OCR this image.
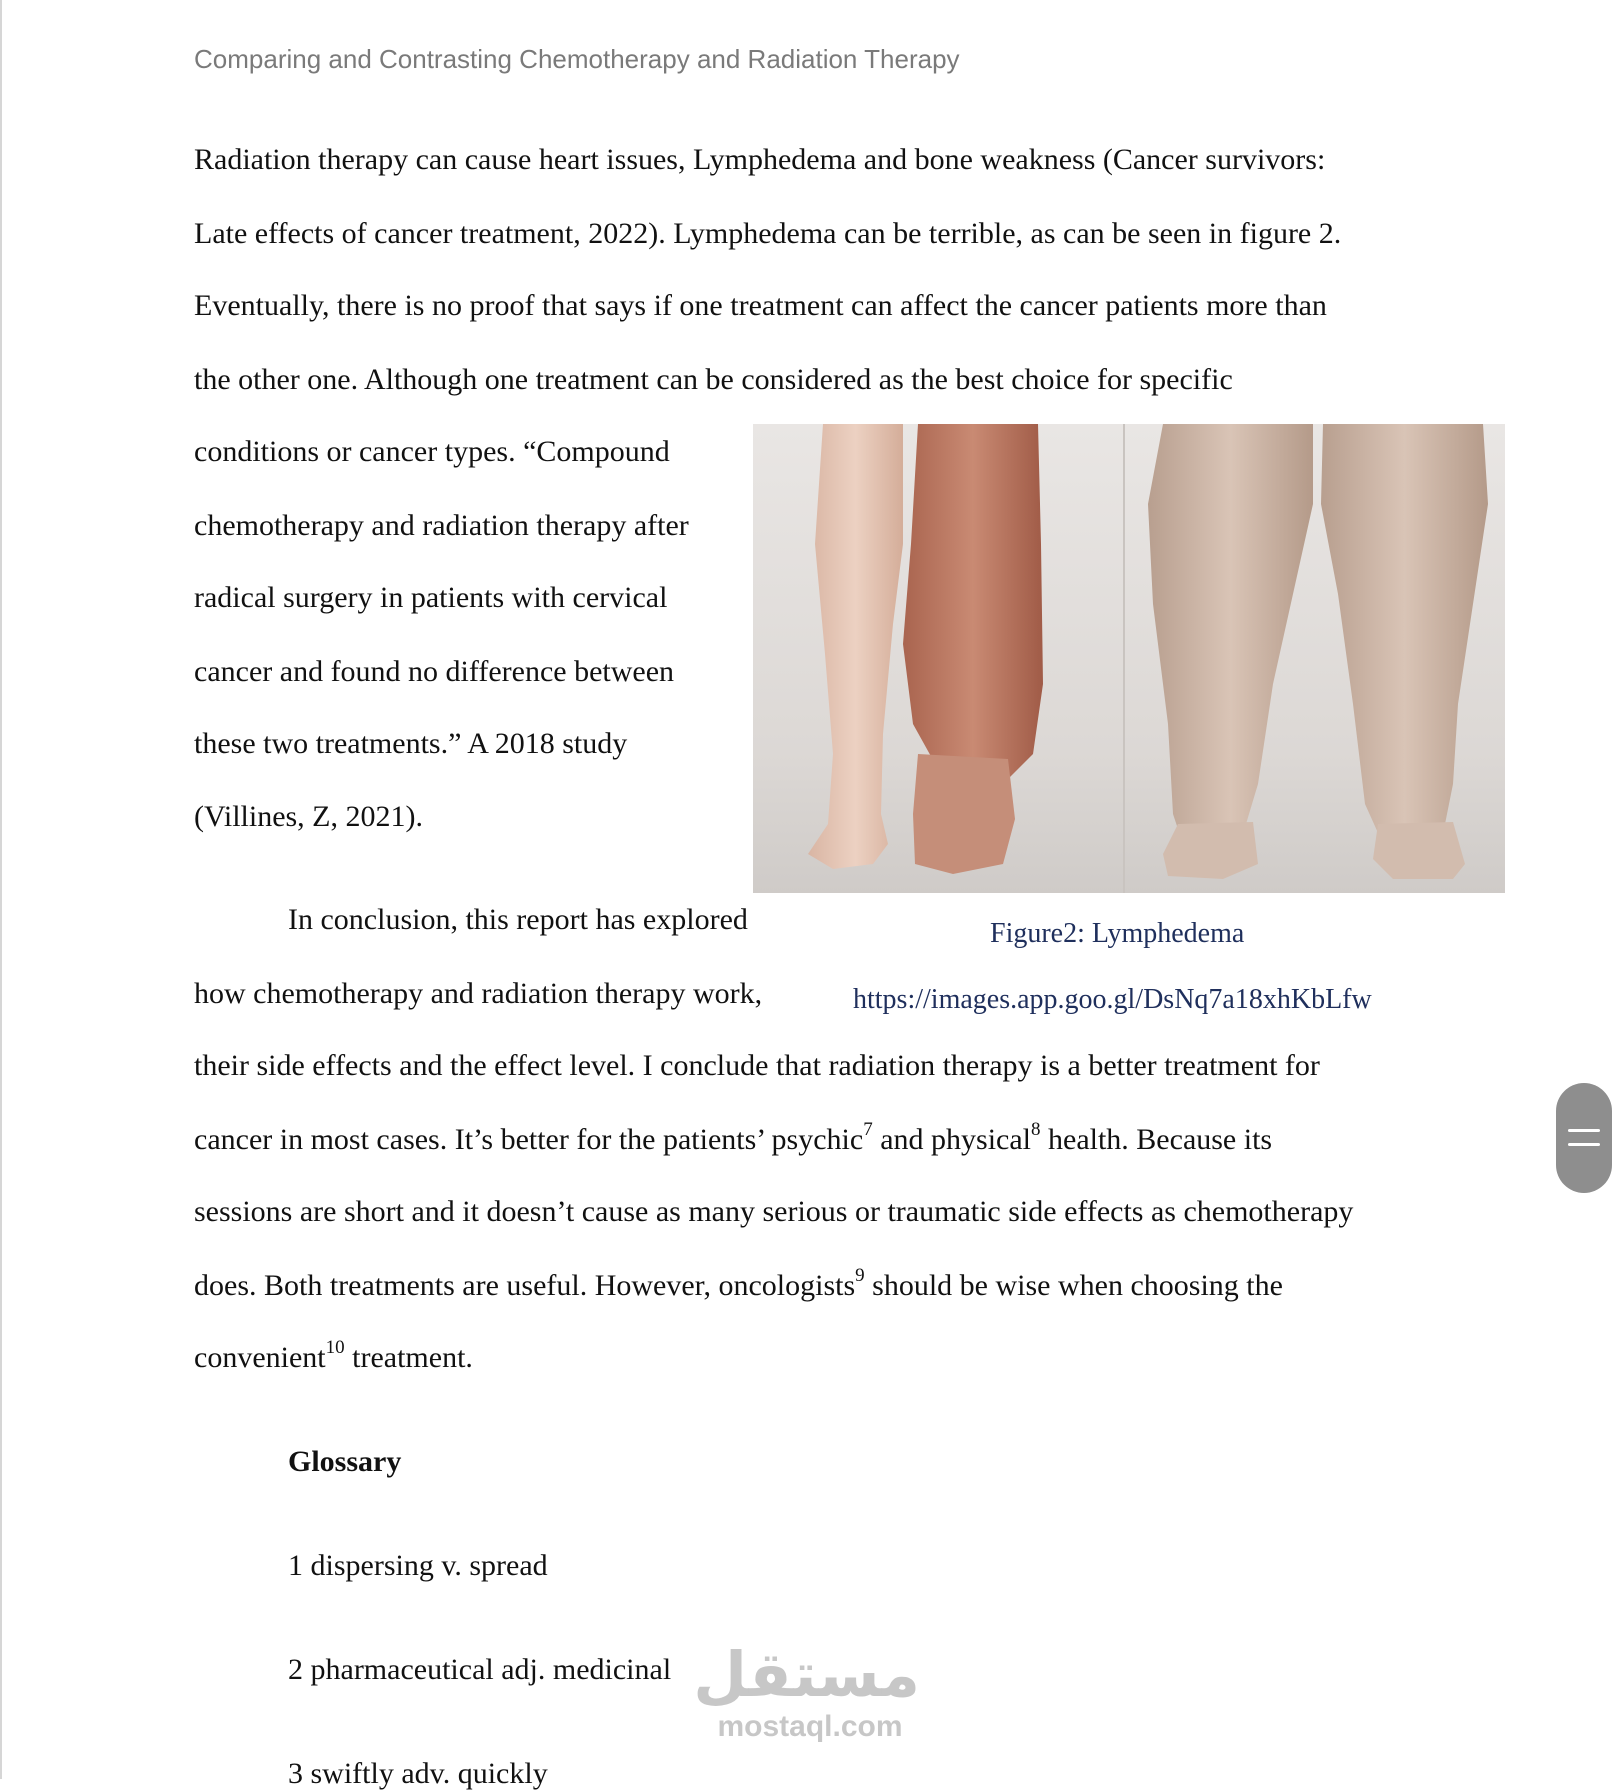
Comparing and Contrasting Chemotherapy and Radiation Therapy
Radiation therapy can cause heart issues, Lymphedema and bone weakness (Cancer survivors:
Late effects of cancer treatment, 2022). Lymphedema can be terrible, as can be seen in figure 2.
Eventually, there is no proof that says if one treatment can affect the cancer patients more than
the other one. Although one treatment can be considered as the best choice for specific
conditions or cancer types. “Compound
chemotherapy and radiation therapy after
radical surgery in patients with cervical
cancer and found no difference between
these two treatments.” A 2018 study
(Villines, Z, 2021).
In conclusion, this report has explored	Figure2: Lymphedema
how chemotherapy and radiation therapy work,	https://images.app.goo.gl/DsNq7a18xhKbLfw
their side effects and the effect level. I conclude that radiation therapy is a better treatment for
cancer in most cases. It’s better for the patients’ psychic$^7$ and physical$^8$ health. Because its
sessions are short and it doesn’t cause as many serious or traumatic side effects as chemotherapy
does. Both treatments are useful. However, oncologists$^9$ should be wise when choosing the
convenient$^{10}$ treatment.
Glossary
1 dispersing v. spread
2 pharmaceutical adj. medicinal
3 swiftly adv. quickly
مستقل
mostaql.com
